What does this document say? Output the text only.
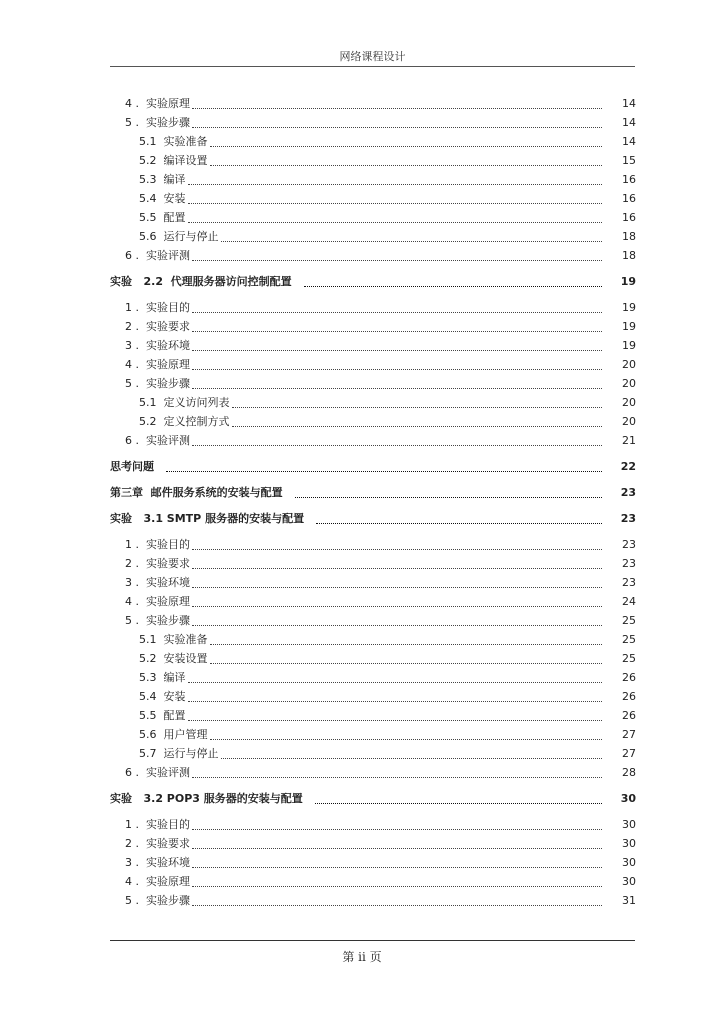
网络课程设计
4 .  实验原理	14
5 .  实验步骤	14
5.1  实验准备	14
5.2  编译设置	15
5.3  编译	16
5.4  安装	16
5.5  配置	16
5.6  运行与停止	18
6 .  实验评测	18
实验   2.2  代理服务器访问控制配置	19
1 .  实验目的	19
2 .  实验要求	19
3 .  实验环境	19
4 .  实验原理	20
5 .  实验步骤	20
5.1  定义访问列表	20
5.2  定义控制方式	20
6 .  实验评测	21
思考问题	22
第三章  邮件服务系统的安装与配置	23
实验   3.1 SMTP 服务器的安装与配置	23
1 .  实验目的	23
2 .  实验要求	23
3 .  实验环境	23
4 .  实验原理	24
5 .  实验步骤	25
5.1  实验准备	25
5.2  安装设置	25
5.3  编译	26
5.4  安装	26
5.5  配置	26
5.6  用户管理	27
5.7  运行与停止	27
6 .  实验评测	28
实验   3.2 POP3 服务器的安装与配置	30
1 .  实验目的	30
2 .  实验要求	30
3 .  实验环境	30
4 .  实验原理	30
5 .  实验步骤	31
第 ii 页
